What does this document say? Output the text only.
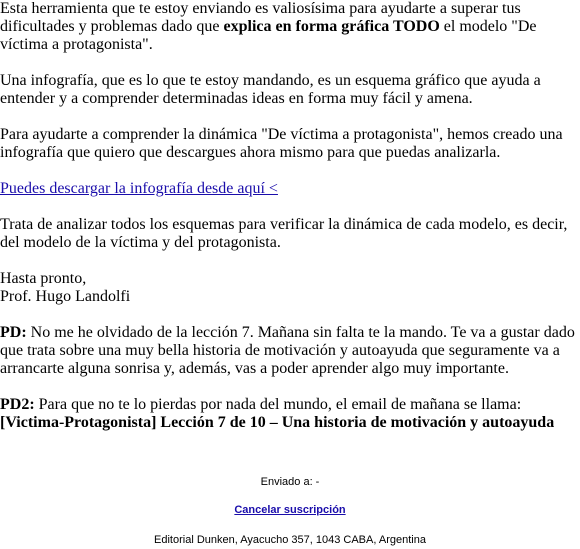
Esta herramienta que te estoy enviando es valiosísima para ayudarte a superar tus dificultades y problemas dado que explica en forma gráfica TODO el modelo "De víctima a protagonista".

Una infografía, que es lo que te estoy mandando, es un esquema gráfico que ayuda a entender y a comprender determinadas ideas en forma muy fácil y amena.

Para ayudarte a comprender la dinámica "De víctima a protagonista", hemos creado una infografía que quiero que descargues ahora mismo para que puedas analizarla.

Puedes descargar la infografía desde aquí <

Trata de analizar todos los esquemas para verificar la dinámica de cada modelo, es decir, del modelo de la víctima y del protagonista.

Hasta pronto,
Prof. Hugo Landolfi

PD: No me he olvidado de la lección 7. Mañana sin falta te la mando. Te va a gustar dado que trata sobre una muy bella historia de motivación y autoayuda que seguramente va a arrancarte alguna sonrisa y, además, vas a poder aprender algo muy importante.

PD2: Para que no te lo pierdas por nada del mundo, el email de mañana se llama: [Victima-Protagonista] Lección 7 de 10 – Una historia de motivación y autoayuda

Enviado a: -
Cancelar suscripción
Editorial Dunken, Ayacucho 357, 1043 CABA, Argentina
